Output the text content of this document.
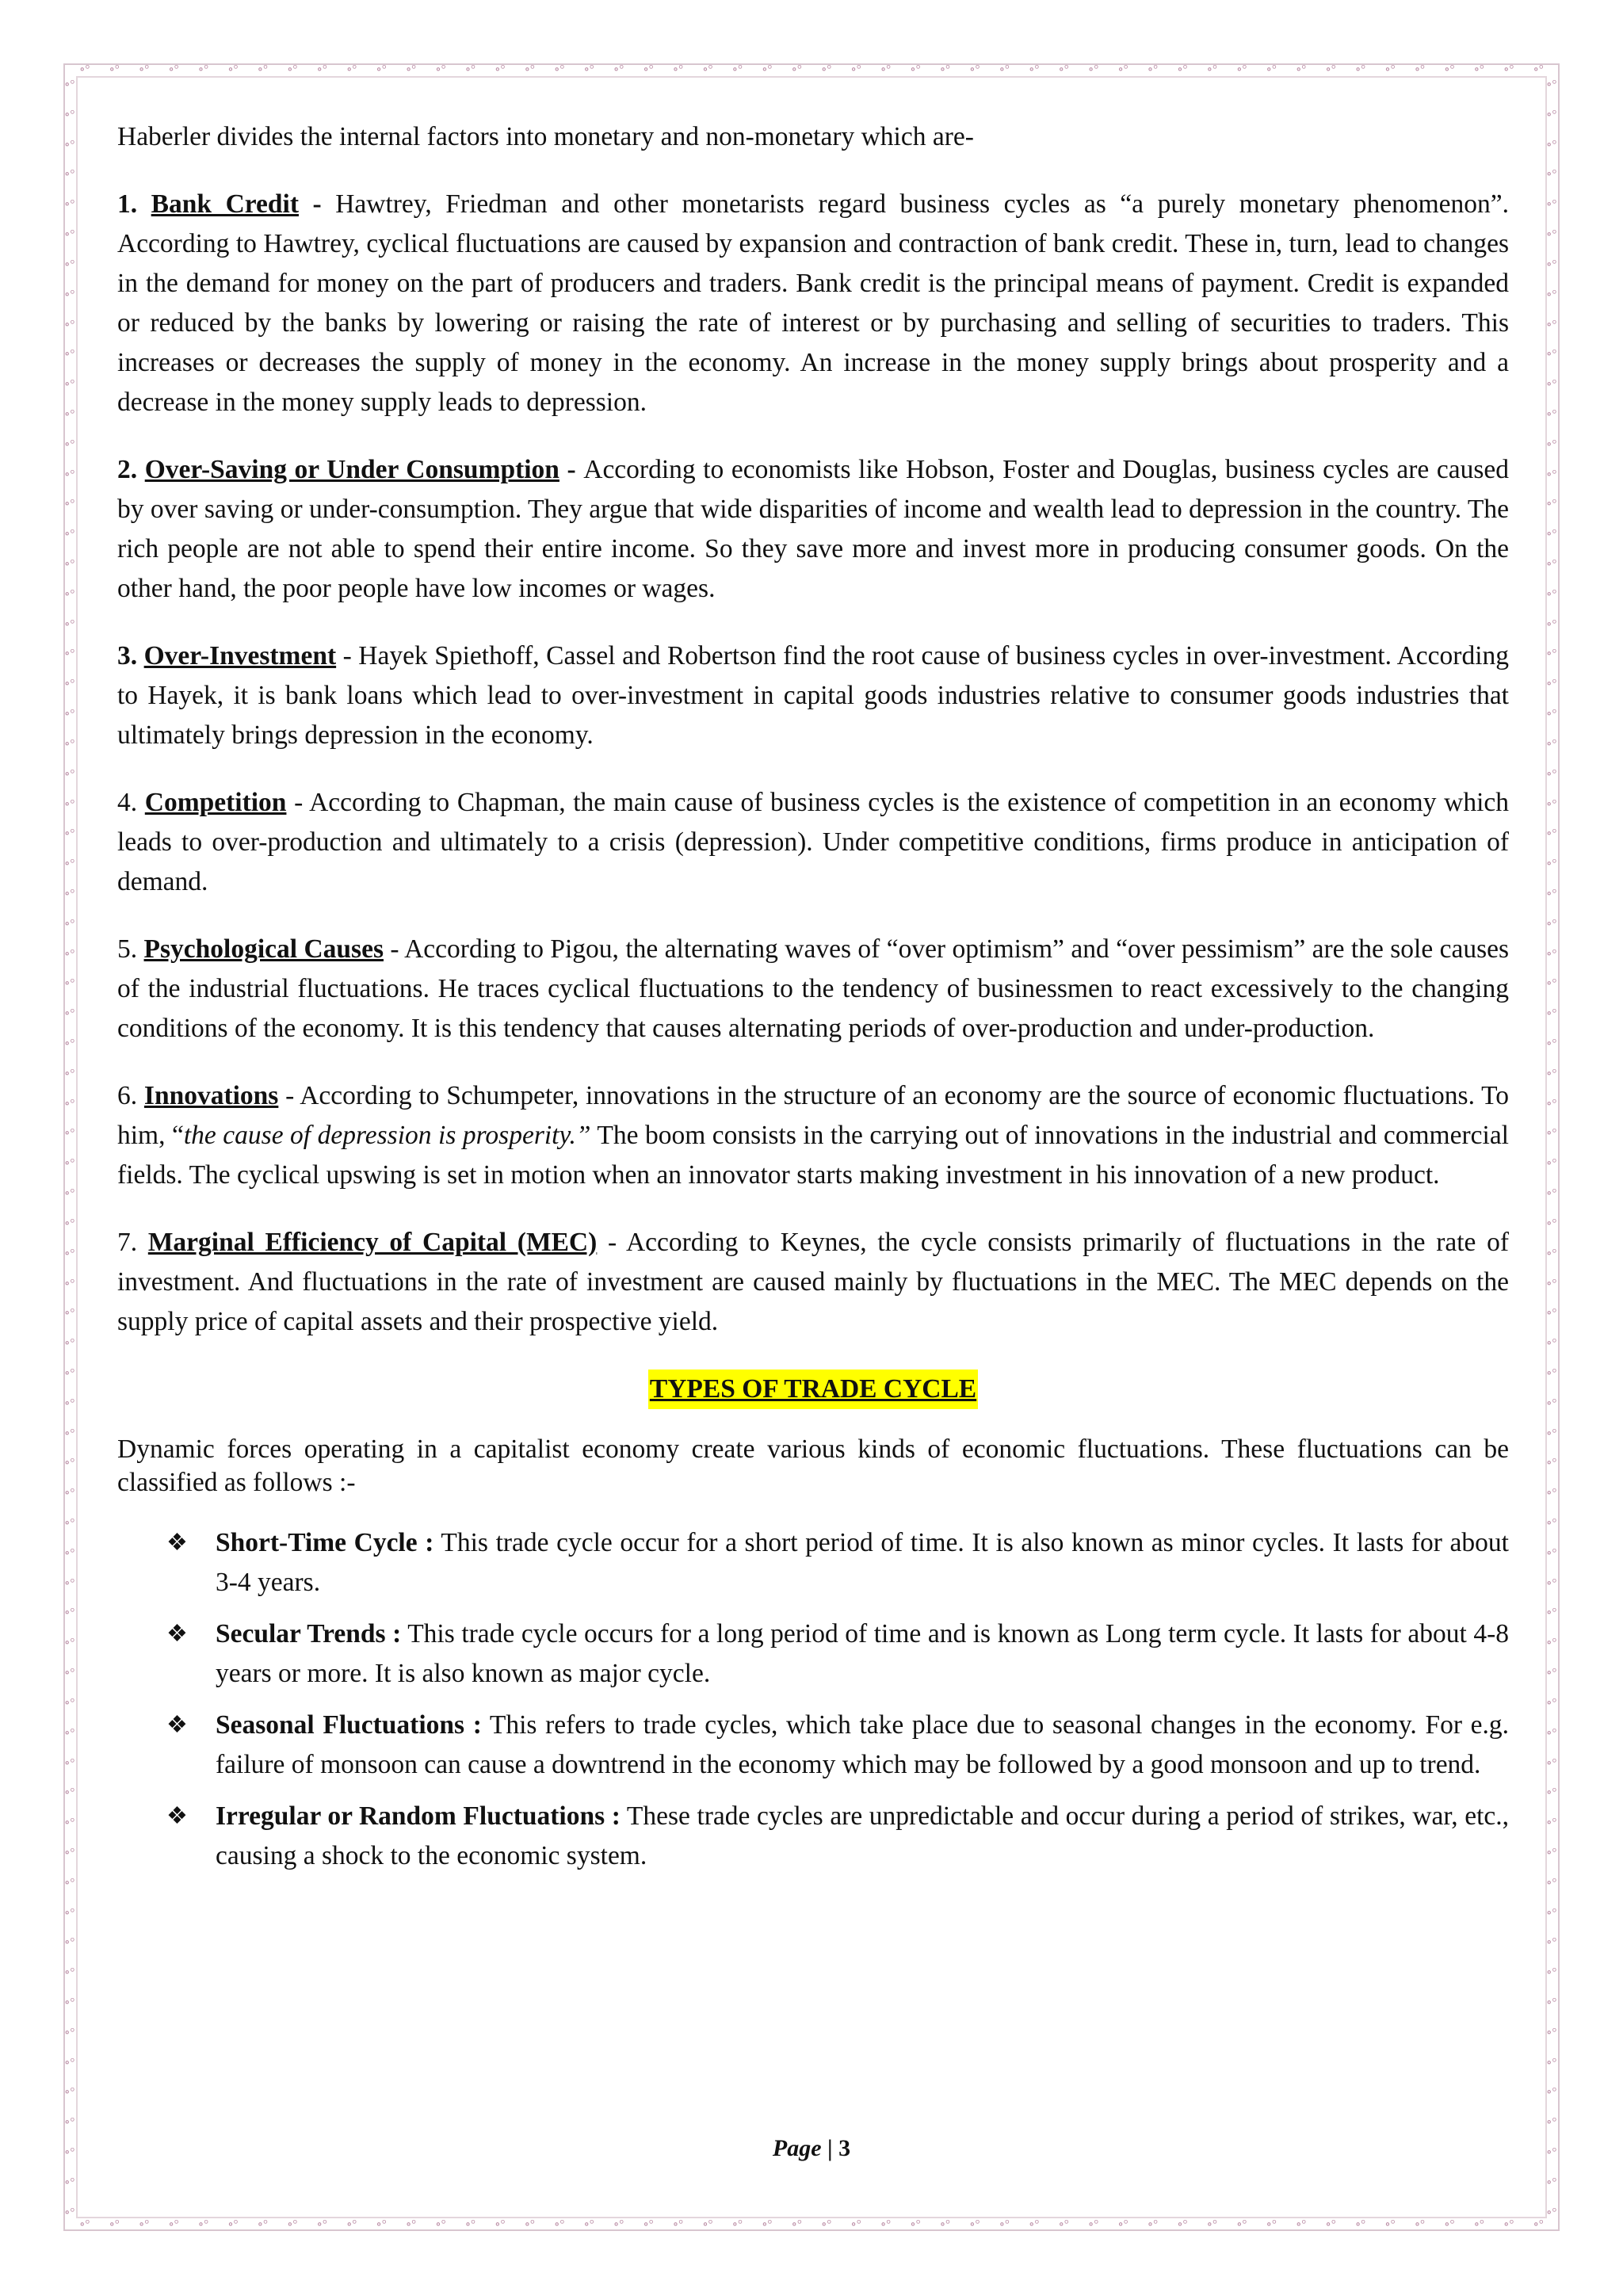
∘° ∘° ∘° ∘° ∘° ∘° ∘° ∘° ∘° ∘° ∘° ∘° ∘° ∘° ∘° ∘° ∘° ∘° ∘° ∘° ∘° ∘° ∘° ∘° ∘° ∘° ∘° ∘° ∘° ∘° ∘° ∘° ∘° ∘° ∘° ∘° ∘° ∘° ∘° ∘° ∘° ∘° ∘° ∘° ∘° ∘° ∘° ∘° ∘° ∘°
∘° ∘° ∘° ∘° ∘° ∘° ∘° ∘° ∘° ∘° ∘° ∘° ∘° ∘° ∘° ∘° ∘° ∘° ∘° ∘° ∘° ∘° ∘° ∘° ∘° ∘° ∘° ∘° ∘° ∘° ∘° ∘° ∘° ∘° ∘° ∘° ∘° ∘° ∘° ∘° ∘° ∘° ∘° ∘° ∘° ∘° ∘° ∘° ∘° ∘°
∘°
∘°
∘°
∘°
∘°
∘°
∘°
∘°
∘°
∘°
∘°
∘°
∘°
∘°
∘°
∘°
∘°
∘°
∘°
∘°
∘°
∘°
∘°
∘°
∘°
∘°
∘°
∘°
∘°
∘°
∘°
∘°
∘°
∘°
∘°
∘°
∘°
∘°
∘°
∘°
∘°
∘°
∘°
∘°
∘°
∘°
∘°
∘°
∘°
∘°
∘°
∘°
∘°
∘°
∘°
∘°
∘°
∘°
∘°
∘°
∘°
∘°
∘°
∘°
∘°
∘°
∘°
∘°
∘°
∘°
∘°
∘°
∘°
∘°
∘°
∘°
∘°
∘°
∘°
∘°
∘°
∘°
∘°
∘°
∘°
∘°
∘°
∘°
∘°
∘°
∘°
∘°
∘°
∘°
∘°
∘°
∘°
∘°
∘°
∘°
∘°
∘°
∘°
∘°
∘°
∘°
∘°
∘°
∘°
∘°
∘°
∘°
∘°
∘°
∘°
∘°
∘°
∘°
∘°
∘°
∘°
∘°
∘°
∘°
∘°
∘°
∘°
∘°
∘°
∘°
∘°
∘°
∘°
∘°
∘°
∘°
∘°
∘°
∘°
∘°
∘°
∘°
∘°
∘°

Haberler divides the internal factors into monetary and non-monetary which are-

1. Bank Credit - Hawtrey, Friedman and other monetarists regard business cycles as “a purely monetary phenomenon”. According to Hawtrey, cyclical fluctuations are caused by expansion and contraction of bank credit. These in, turn, lead to changes in the demand for money on the part of producers and traders. Bank credit is the principal means of payment. Credit is expanded or reduced by the banks by lowering or raising the rate of interest or by purchasing and selling of securities to traders. This increases or decreases the supply of money in the economy. An increase in the money supply brings about prosperity and a decrease in the money supply leads to depression.

2. Over-Saving or Under Consumption - According to economists like Hobson, Foster and Douglas, business cycles are caused by over saving or under-consumption. They argue that wide disparities of income and wealth lead to depression in the country. The rich people are not able to spend their entire income. So they save more and invest more in producing consumer goods. On the other hand, the poor people have low incomes or wages.

3. Over-Investment - Hayek Spiethoff, Cassel and Robertson find the root cause of business cycles in over-investment. According to Hayek, it is bank loans which lead to over-investment in capital goods industries relative to consumer goods industries that ultimately brings depression in the economy.

4. Competition - According to Chapman, the main cause of business cycles is the existence of competition in an economy which leads to over-production and ultimately to a crisis (depression). Under competitive conditions, firms produce in anticipation of demand.

5. Psychological Causes - According to Pigou, the alternating waves of “over optimism” and “over pessimism” are the sole causes of the industrial fluctuations. He traces cyclical fluctuations to the tendency of businessmen to react excessively to the changing conditions of the economy. It is this tendency that causes alternating periods of over-production and under-production.

6. Innovations - According to Schumpeter, innovations in the structure of an economy are the source of economic fluctuations. To him, “the cause of depression is prosperity.” The boom consists in the carrying out of innovations in the industrial and commercial fields. The cyclical upswing is set in motion when an innovator starts making investment in his innovation of a new product.

7. Marginal Efficiency of Capital (MEC) - According to Keynes, the cycle consists primarily of fluctuations in the rate of investment. And fluctuations in the rate of investment are caused mainly by fluctuations in the MEC. The MEC depends on the supply price of capital assets and their prospective yield.

TYPES OF TRADE CYCLE

Dynamic forces operating in a capitalist economy create various kinds of economic fluctuations. These fluctuations can be classified as follows :-

❖ Short-Time Cycle : This trade cycle occur for a short period of time. It is also known as minor cycles. It lasts for about 3-4 years.
❖ Secular Trends : This trade cycle occurs for a long period of time and is known as Long term cycle. It lasts for about 4-8 years or more. It is also known as major cycle.
❖ Seasonal Fluctuations : This refers to trade cycles, which take place due to seasonal changes in the economy. For e.g. failure of monsoon can cause a downtrend in the economy which may be followed by a good monsoon and up to trend.
❖ Irregular or Random Fluctuations : These trade cycles are unpredictable and occur during a period of strikes, war, etc., causing a shock to the economic system.
Page | 3
